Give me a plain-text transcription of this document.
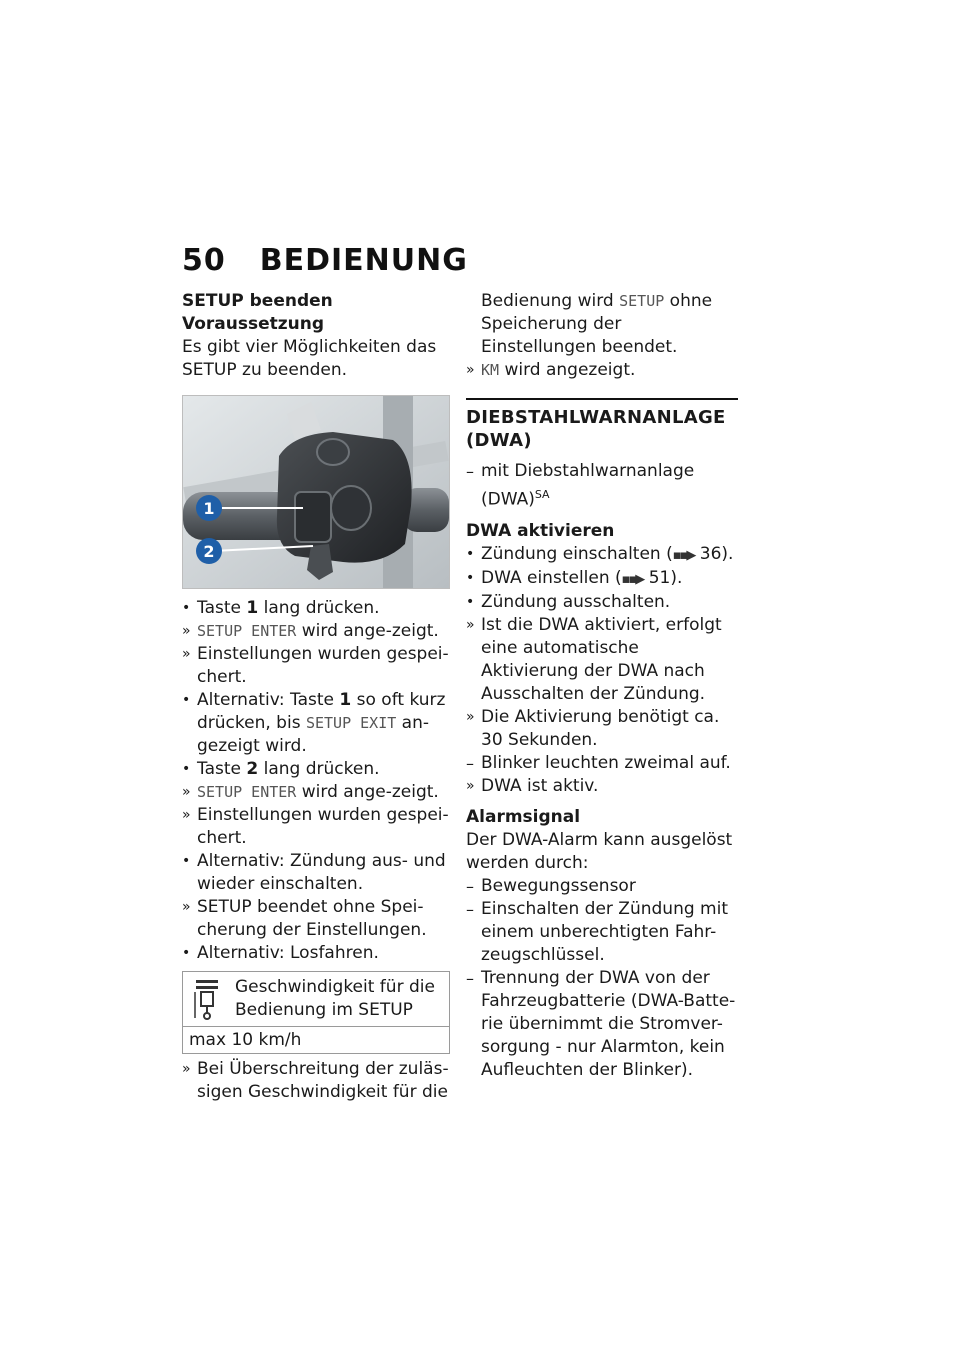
50 BEDIENUNG
SETUP beenden
Voraussetzung

Es gibt vier Möglichkeiten das SETUP zu beenden.

1
2
• Taste 1 lang drücken.
» SETUP ENTER wird ange-zeigt.
» Einstellungen wurden gespei-chert.
• Alternativ: Taste 1 so oft kurz drücken, bis SETUP EXIT an-gezeigt wird.
• Taste 2 lang drücken.
» SETUP ENTER wird ange-zeigt.
» Einstellungen wurden gespei-chert.
• Alternativ: Zündung aus- und wieder einschalten.
» SETUP beendet ohne Spei-cherung der Einstellungen.
• Alternativ: Losfahren.
Geschwindigkeit für die Bedienung im SETUP
max 10 km/h
» Bei Überschreitung der zuläs-sigen Geschwindigkeit für die
Bedienung wird SETUP ohne Speicherung der Einstellungen beendet.
» KM wird angezeigt.
DIEBSTAHLWARNANLAGE (DWA)
– mit Diebstahlwarnanlage (DWA)$^{SA}$
DWA aktivieren
• Zündung einschalten (▪▪▶ 36).
• DWA einstellen (▪▪▶ 51).
• Zündung ausschalten.
» Ist die DWA aktiviert, erfolgt eine automatische Aktivierung der DWA nach Ausschalten der Zündung.
» Die Aktivierung benötigt ca. 30 Sekunden.
– Blinker leuchten zweimal auf.
» DWA ist aktiv.
Alarmsignal

Der DWA-Alarm kann ausgelöst werden durch:

– Bewegungssensor
– Einschalten der Zündung mit einem unberechtigten Fahr-zeugschlüssel.
– Trennung der DWA von der Fahrzeugbatterie (DWA-Batte-rie übernimmt die Stromver-sorgung - nur Alarmton, kein Aufleuchten der Blinker).
